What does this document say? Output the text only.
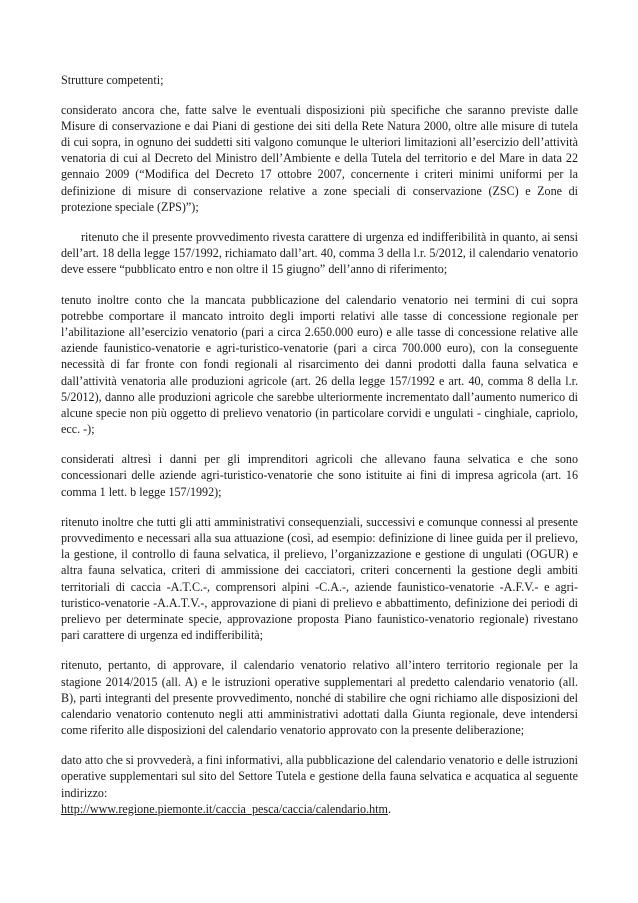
Strutture competenti;

considerato ancora che, fatte salve le eventuali disposizioni più specifiche che saranno previste dalle Misure di conservazione e dai Piani di gestione dei siti della Rete Natura 2000, oltre alle misure di tutela di cui sopra, in ognuno dei suddetti siti valgono comunque le ulteriori limitazioni all’esercizio dell’attività venatoria di cui al Decreto del Ministro dell’Ambiente e della Tutela del territorio e del Mare in data 22 gennaio 2009 (“Modifica del Decreto 17 ottobre 2007, concernente i criteri minimi uniformi per la definizione di misure di conservazione relative a zone speciali di conservazione (ZSC) e Zone di protezione speciale (ZPS)”);

ritenuto che il presente provvedimento rivesta carattere di urgenza ed indifferibilità in quanto, ai sensi dell’art. 18 della legge 157/1992, richiamato dall’art. 40, comma 3 della l.r. 5/2012, il calendario venatorio deve essere “pubblicato entro e non oltre il 15 giugno” dell’anno di riferimento;

tenuto inoltre conto che la mancata pubblicazione del calendario venatorio nei termini di cui sopra potrebbe comportare il mancato introito degli importi relativi alle tasse di concessione regionale per l’abilitazione all’esercizio venatorio (pari a circa 2.650.000 euro) e alle tasse di concessione relative alle aziende faunistico-venatorie e agri-turistico-venatorie (pari a circa 700.000 euro), con la conseguente necessità di far fronte con fondi regionali al risarcimento dei danni prodotti dalla fauna selvatica e dall’attività venatoria alle produzioni agricole (art. 26 della legge 157/1992 e art. 40, comma 8 della l.r. 5/2012), danno alle produzioni agricole che sarebbe ulteriormente incrementato dall’aumento numerico di alcune specie non più oggetto di prelievo venatorio (in particolare corvidi e ungulati - cinghiale, capriolo, ecc. -);

considerati altresì i danni per gli imprenditori agricoli che allevano fauna selvatica e che sono concessionari delle aziende agri-turistico-venatorie che sono istituite ai fini di impresa agricola (art. 16 comma 1 lett. b legge 157/1992);

ritenuto inoltre che tutti gli atti amministrativi consequenziali, successivi e comunque connessi al presente provvedimento e necessari alla sua attuazione (così, ad esempio: definizione di linee guida per il prelievo, la gestione, il controllo di fauna selvatica, il prelievo, l’organizzazione e gestione di ungulati (OGUR) e altra fauna selvatica, criteri di ammissione dei cacciatori, criteri concernenti la gestione degli ambiti territoriali di caccia -A.T.C.-, comprensori alpini -C.A.-, aziende faunistico-venatorie -A.F.V.- e agri-turistico-venatorie -A.A.T.V.-, approvazione di piani di prelievo e abbattimento, definizione dei periodi di prelievo per determinate specie, approvazione proposta Piano faunistico-venatorio regionale) rivestano pari carattere di urgenza ed indifferibilità;

ritenuto, pertanto, di approvare, il calendario venatorio relativo all’intero territorio regionale per la stagione 2014/2015 (all. A) e le istruzioni operative supplementari al predetto calendario venatorio (all. B), parti integranti del presente provvedimento, nonché di stabilire che ogni richiamo alle disposizioni del calendario venatorio contenuto negli atti amministrativi adottati dalla Giunta regionale, deve intendersi come riferito alle disposizioni del calendario venatorio approvato con la presente deliberazione;

dato atto che si provvederà, a fini informativi, alla pubblicazione del calendario venatorio e delle istruzioni operative supplementari sul sito del Settore Tutela e gestione della fauna selvatica e acquatica al seguente indirizzo:
http://www.regione.piemonte.it/caccia_pesca/caccia/calendario.htm.
